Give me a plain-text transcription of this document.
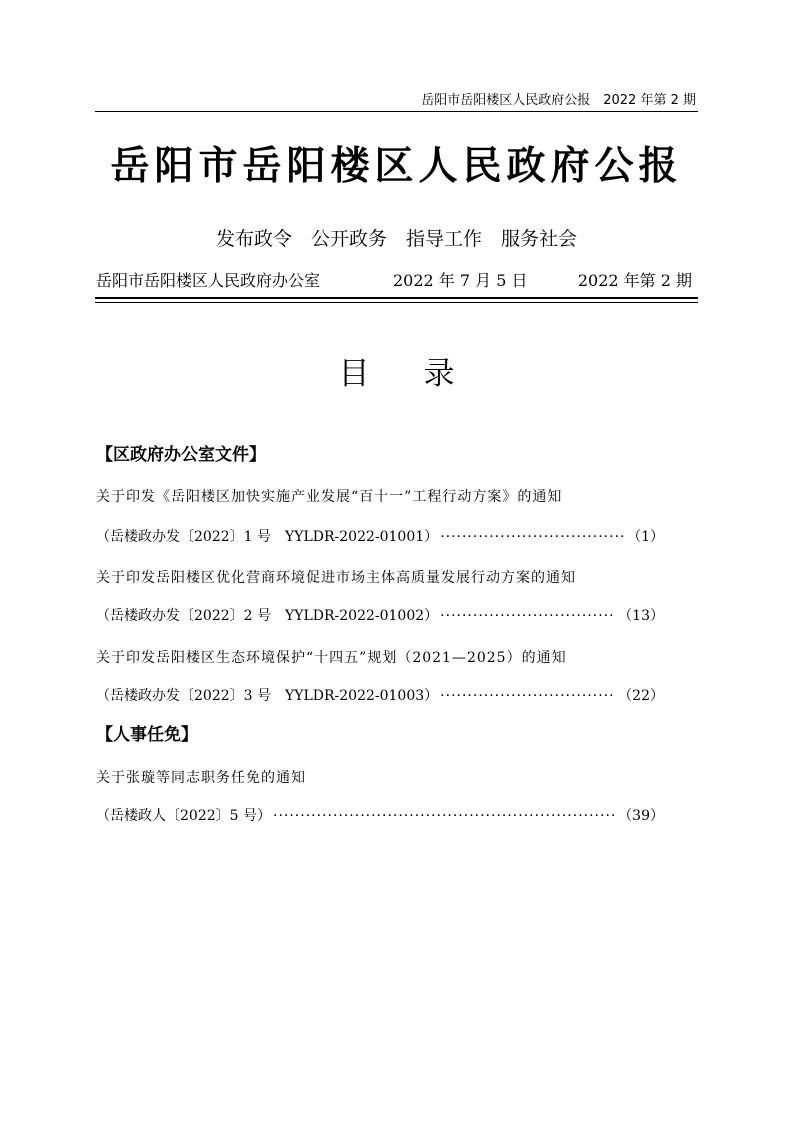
岳阳市岳阳楼区人民政府公报　2022 年第 2 期
岳阳市岳阳楼区人民政府公报
发布政令　公开政务　指导工作　服务社会
岳阳市岳阳楼区人民政府办公室	2022 年 7 月 5 日	2022 年第 2 期
目录
【区政府办公室文件】
关于印发《岳阳楼区加快实施产业发展“百十一”工程行动方案》的通知
（岳楼政办发〔2022〕1 号　YYLDR-2022-01001） ·····	（1）
关于印发岳阳楼区优化营商环境促进市场主体高质量发展行动方案的通知
（岳楼政办发〔2022〕2 号　YYLDR-2022-01002） ·····	（13）
关于印发岳阳楼区生态环境保护“十四五”规划（2021—2025）的通知
（岳楼政办发〔2022〕3 号　YYLDR-2022-01003） ·····	（22）
【人事任免】
关于张璇等同志职务任免的通知
（岳楼政人〔2022〕5 号） ·····	（39）
